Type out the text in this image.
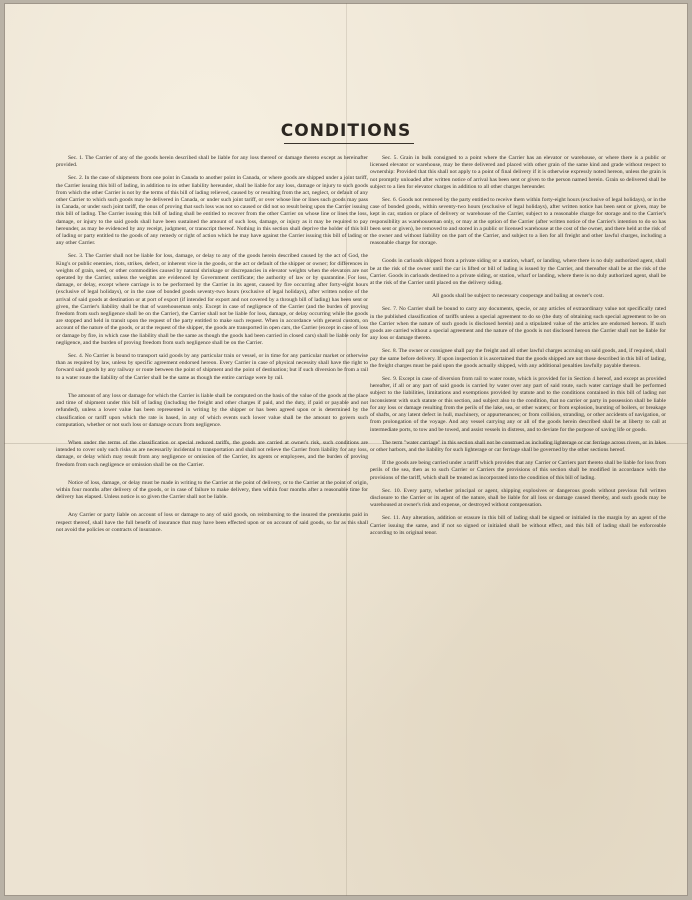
CONDITIONS

Sec. 1. The Carrier of any of the goods herein described shall be liable for any loss thereof or damage thereto except as hereinafter provided.

Sec. 2. In the case of shipments from one point in Canada to another point in Canada, or where goods are shipped under a joint tariff, the Carrier issuing this bill of lading, in addition to its other liability hereunder, shall be liable for any loss, damage or injury to such goods from which the other Carrier is not by the terms of this bill of lading relieved, caused by or resulting from the act, neglect, or default of any other Carrier to which such goods may be delivered in Canada, or under such joint tariff, or over whose line or lines such goods may pass in Canada, or under such joint tariff, the onus of proving that such loss was not so caused or did not so result being upon the Carrier issuing this bill of lading. The Carrier issuing this bill of lading shall be entitled to recover from the other Carrier on whose line or lines the loss, damage, or injury to the said goods shall have been sustained the amount of such loss, damage, or injury as it may be required to pay hereunder, as may be evidenced by any receipt, judgment, or transcript thereof. Nothing in this section shall deprive the holder of this bill of lading or party entitled to the goods of any remedy or right of action which he may have against the Carrier issuing this bill of lading or any other Carrier.

Sec. 3. The Carrier shall not be liable for loss, damage, or delay to any of the goods herein described caused by the act of God, the King's or public enemies, riots, strikes, defect, or inherent vice in the goods, or the act or default of the shipper or owner; for differences in weights of grain, seed, or other commodities caused by natural shrinkage or discrepancies in elevator weights when the elevators are not operated by the Carrier, unless the weights are evidenced by Government certificate; the authority of law or by quarantine. For loss, damage, or delay, except where carriage is to be performed by the Carrier in its agent, caused by fire occurring after forty-eight hours (exclusive of legal holidays), or in the case of bonded goods seventy-two hours (exclusive of legal holidays), after written notice of the arrival of said goods at destination or at port of export (if intended for export and not covered by a through bill of lading) has been sent or given, the Carrier's liability shall be that of warehouseman only. Except in case of negligence of the Carrier (and the burden of proving freedom from such negligence shall be on the Carrier), the Carrier shall not be liable for loss, damage, or delay occurring while the goods are stopped and held in transit upon the request of the party entitled to make such request. When in accordance with general custom, on account of the nature of the goods, or at the request of the shipper, the goods are transported in open cars, the Carrier (except in case of loss or damage by fire, in which case the liability shall be the same as though the goods had been carried in closed cars) shall be liable only for negligence, and the burden of proving freedom from such negligence shall be on the Carrier.

Sec. 4. No Carrier is bound to transport said goods by any particular train or vessel, or in time for any particular market or otherwise than as required by law, unless by specific agreement endorsed hereon. Every Carrier in case of physical necessity shall have the right to forward said goods by any railway or route between the point of shipment and the point of destination; but if such diversion be from a rail to a water route the liability of the Carrier shall be the same as though the entire carriage were by rail.

The amount of any loss or damage for which the Carrier is liable shall be computed on the basis of the value of the goods at the place and time of shipment under this bill of lading (including the freight and other charges if paid, and the duty, if paid or payable and not refunded), unless a lower value has been represented in writing by the shipper or has been agreed upon or is determined by the classification or tariff upon which the rate is based, in any of which events such lower value shall be the amount to govern such computation, whether or not such loss or damage occurs from negligence.

When under the terms of the classification or special reduced tariffs, the goods are carried at owner's risk, such conditions are intended to cover only such risks as are necessarily incidental to transportation and shall not relieve the Carrier from liability for any loss, damage, or delay which may result from any negligence or omission of the Carrier, its agents or employees, and the burden of proving freedom from such negligence or omission shall be on the Carrier.

Notice of loss, damage, or delay must be made in writing to the Carrier at the point of delivery, or to the Carrier at the point of origin, within four months after delivery of the goods, or in case of failure to make delivery, then within four months after a reasonable time for delivery has elapsed. Unless notice is so given the Carrier shall not be liable.

Any Carrier or party liable on account of loss or damage to any of said goods, on reimbursing to the insured the premiums paid in respect thereof, shall have the full benefit of insurance that may have been effected upon or on account of said goods, so far as this shall not avoid the policies or contracts of insurance.

Sec. 5. Grain in bulk consigned to a point where the Carrier has an elevator or warehouse, or where there is a public or licensed elevator or warehouse, may be there delivered and placed with other grain of the same kind and grade without respect to ownership: Provided that this shall not apply to a point of final delivery if it is otherwise expressly noted hereon, unless the grain is not promptly unloaded after written notice of arrival has been sent or given to the person named herein. Grain so delivered shall be subject to a lien for elevator charges in addition to all other charges hereunder.

Sec. 6. Goods not removed by the party entitled to receive them within forty-eight hours (exclusive of legal holidays), or in the case of bonded goods, within seventy-two hours (exclusive of legal holidays), after written notice has been sent or given, may be kept in car, station or place of delivery or warehouse of the Carrier, subject to a reasonable charge for storage and to the Carrier's responsibility as warehouseman only, or may at the option of the Carrier (after written notice of the Carrier's intention to do so has been sent or given), be removed to and stored in a public or licensed warehouse at the cost of the owner, and there held at the risk of the owner and without liability on the part of the Carrier, and subject to a lien for all freight and other lawful charges, including a reasonable charge for storage.

Goods in carloads shipped from a private siding or a station, wharf, or landing, where there is no duly authorized agent, shall be at the risk of the owner until the car is lifted or bill of lading is issued by the Carrier, and thereafter shall be at the risk of the Carrier. Goods in carloads destined to a private siding, or station, wharf or landing, where there is no duly authorized agent, shall be at the risk of the Carrier until placed on the delivery siding.

All goods shall be subject to necessary cooperage and baling at owner's cost.

Sec. 7. No Carrier shall be bound to carry any documents, specie, or any articles of extraordinary value not specifically rated in the published classification of tariffs unless a special agreement to do so (the duty of obtaining such special agreement to be on the Carrier when the nature of such goods is disclosed herein) and a stipulated value of the articles are endorsed hereon. If such goods are carried without a special agreement and the nature of the goods is not disclosed hereon the Carrier shall not be liable for any loss or damage thereto.

Sec. 8. The owner or consignee shall pay the freight and all other lawful charges accruing on said goods, and, if required, shall pay the same before delivery. If upon inspection it is ascertained that the goods shipped are not those described in this bill of lading, the freight charges must be paid upon the goods actually shipped, with any additional penalties lawfully payable thereon.

Sec. 9. Except in case of diversion from rail to water route, which is provided for in Section 4 hereof, and except as provided hereafter, if all or any part of said goods is carried by water over any part of said route, such water carriage shall be performed subject to the liabilities, limitations and exemptions provided by statute and to the conditions contained in this bill of lading not inconsistent with such statute or this section, and subject also to the condition, that no carrier or party in possession shall be liable for any loss or damage resulting from the perils of the lake, sea, or other waters; or from explosion, bursting of boilers, or breakage of shafts, or any latent defect in hull, machinery, or appurtenances; or from collision, stranding, or other accidents of navigation, or from prolongation of the voyage. And any vessel carrying any or all of the goods herein described shall be at liberty to call at intermediate ports, to tow and be towed, and assist vessels in distress, and to deviate for the purpose of saving life or goods.

The term "water carriage" in this section shall not be construed as including lighterage or car ferriage across rivers, or in lakes or other harbors, and the liability for such lighterage or car ferriage shall be governed by the other sections hereof.

If the goods are being carried under a tariff which provides that any Carrier or Carriers part thereto shall be liable for loss from perils of the sea, then as to such Carrier or Carriers the provisions of this section shall be modified in accordance with the provisions of the tariff, which shall be treated as incorporated into the condition of this bill of lading.

Sec. 10. Every party, whether principal or agent, shipping explosives or dangerous goods without previous full written disclosure to the Carrier or its agent of the nature, shall be liable for all loss or damage caused thereby, and such goods may be warehoused at owner's risk and expense, or destroyed without compensation.

Sec. 11. Any alteration, addition or erasure in this bill of lading shall be signed or initialed in the margin by an agent of the Carrier issuing the same, and if not so signed or initialed shall be without effect, and this bill of lading shall be enforceable according to its original tenor.
